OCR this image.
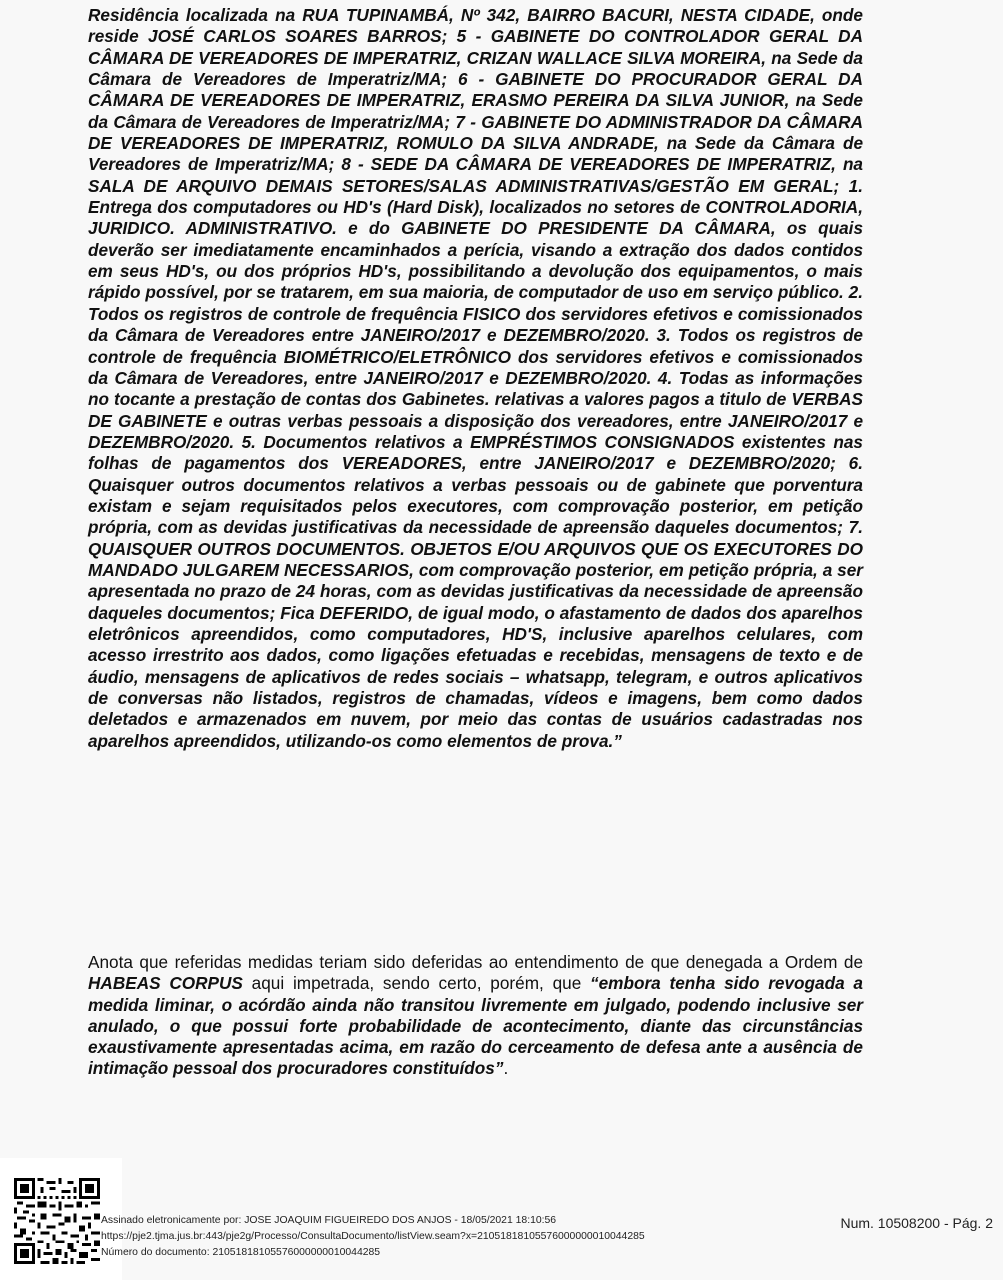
Residência localizada na RUA TUPINAMBÁ, Nº 342, BAIRRO BACURI, NESTA CIDADE, onde reside JOSÉ CARLOS SOARES BARROS; 5 - GABINETE DO CONTROLADOR GERAL DA CÂMARA DE VEREADORES DE IMPERATRIZ, CRIZAN WALLACE SILVA MOREIRA, na Sede da Câmara de Vereadores de Imperatriz/MA; 6 - GABINETE DO PROCURADOR GERAL DA CÂMARA DE VEREADORES DE IMPERATRIZ, ERASMO PEREIRA DA SILVA JUNIOR, na Sede da Câmara de Vereadores de Imperatriz/MA; 7 - GABINETE DO ADMINISTRADOR DA CÂMARA DE VEREADORES DE IMPERATRIZ, ROMULO DA SILVA ANDRADE, na Sede da Câmara de Vereadores de Imperatriz/MA; 8 - SEDE DA CÂMARA DE VEREADORES DE IMPERATRIZ, na SALA DE ARQUIVO DEMAIS SETORES/SALAS ADMINISTRATIVAS/GESTÃO EM GERAL; 1. Entrega dos computadores ou HD's (Hard Disk), localizados no setores de CONTROLADORIA, JURIDICO. ADMINISTRATIVO. e do GABINETE DO PRESIDENTE DA CÂMARA, os quais deverão ser imediatamente encaminhados a perícia, visando a extração dos dados contidos em seus HD's, ou dos próprios HD's, possibilitando a devolução dos equipamentos, o mais rápido possível, por se tratarem, em sua maioria, de computador de uso em serviço público. 2. Todos os registros de controle de frequência FISICO dos servidores efetivos e comissionados da Câmara de Vereadores entre JANEIRO/2017 e DEZEMBRO/2020. 3. Todos os registros de controle de frequência BIOMÉTRICO/ELETRÔNICO dos servidores efetivos e comissionados da Câmara de Vereadores, entre JANEIRO/2017 e DEZEMBRO/2020. 4. Todas as informações no tocante a prestação de contas dos Gabinetes. relativas a valores pagos a titulo de VERBAS DE GABINETE e outras verbas pessoais a disposição dos vereadores, entre JANEIRO/2017 e DEZEMBRO/2020. 5. Documentos relativos a EMPRÉSTIMOS CONSIGNADOS existentes nas folhas de pagamentos dos VEREADORES, entre JANEIRO/2017 e DEZEMBRO/2020; 6. Quaisquer outros documentos relativos a verbas pessoais ou de gabinete que porventura existam e sejam requisitados pelos executores, com comprovação posterior, em petição própria, com as devidas justificativas da necessidade de apreensão daqueles documentos; 7. QUAISQUER OUTROS DOCUMENTOS. OBJETOS E/OU ARQUIVOS QUE OS EXECUTORES DO MANDADO JULGAREM NECESSARIOS, com comprovação posterior, em petição própria, a ser apresentada no prazo de 24 horas, com as devidas justificativas da necessidade de apreensão daqueles documentos; Fica DEFERIDO, de igual modo, o afastamento de dados dos aparelhos eletrônicos apreendidos, como computadores, HD'S, inclusive aparelhos celulares, com acesso irrestrito aos dados, como ligações efetuadas e recebidas, mensagens de texto e de áudio, mensagens de aplicativos de redes sociais – whatsapp, telegram, e outros aplicativos de conversas não listados, registros de chamadas, vídeos e imagens, bem como dados deletados e armazenados em nuvem, por meio das contas de usuários cadastradas nos aparelhos apreendidos, utilizando-os como elementos de prova.”

Anota que referidas medidas teriam sido deferidas ao entendimento de que denegada a Ordem de HABEAS CORPUS aqui impetrada, sendo certo, porém, que “embora tenha sido revogada a medida liminar, o acórdão ainda não transitou livremente em julgado, podendo inclusive ser anulado, o que possui forte probabilidade de acontecimento, diante das circunstâncias exaustivamente apresentadas acima, em razão do cerceamento de defesa ante a ausência de intimação pessoal dos procuradores constituídos”.

Assinado eletronicamente por: JOSE JOAQUIM FIGUEIREDO DOS ANJOS - 18/05/2021 18:10:56
https://pje2.tjma.jus.br:443/pje2g/Processo/ConsultaDocumento/listView.seam?x=21051818105576000000010044285
Número do documento: 21051818105576000000010044285
Num. 10508200 - Pág. 2
